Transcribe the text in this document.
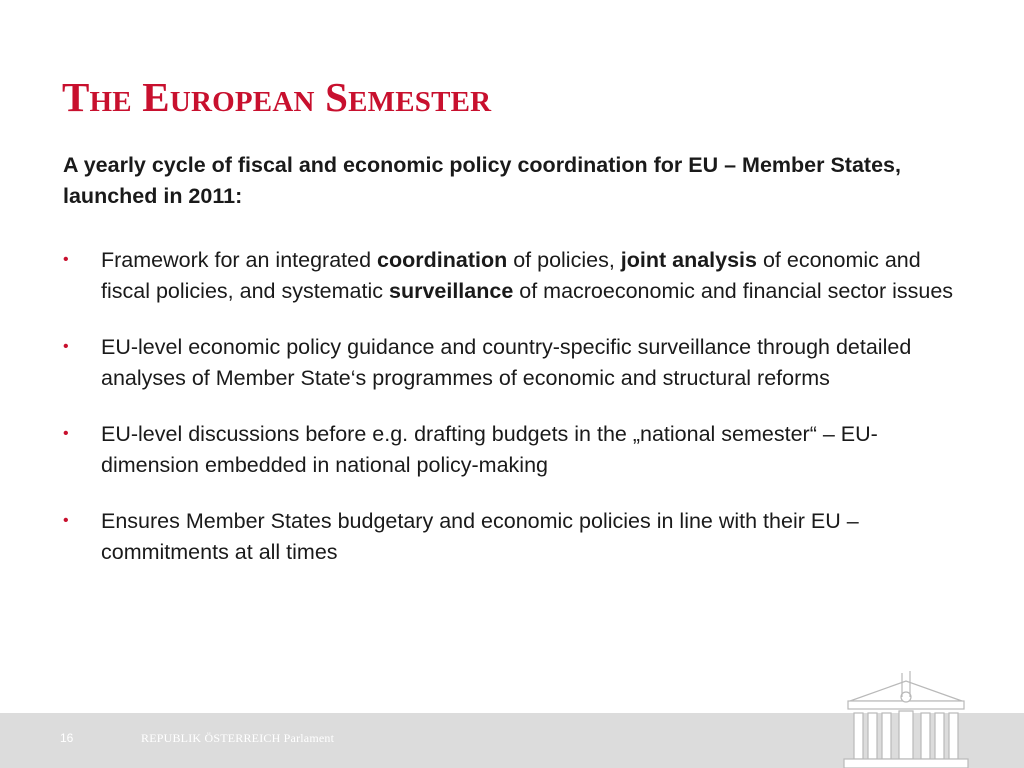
The European Semester

A yearly cycle of fiscal and economic policy coordination for EU – Member States, launched in 2011:

• Framework for an integrated coordination of policies, joint analysis of economic and fiscal policies, and systematic surveillance of macroeconomic and financial sector issues
• EU-level economic policy guidance and country-specific surveillance through detailed analyses of Member State‘s programmes of economic and structural reforms
• EU-level discussions before e.g. drafting budgets in the „national semester“ – EU-dimension embedded in national policy-making
• Ensures Member States budgetary and economic policies in line with their EU – commitments at all times
16	REPUBLIK ÖSTERREICH Parlament
